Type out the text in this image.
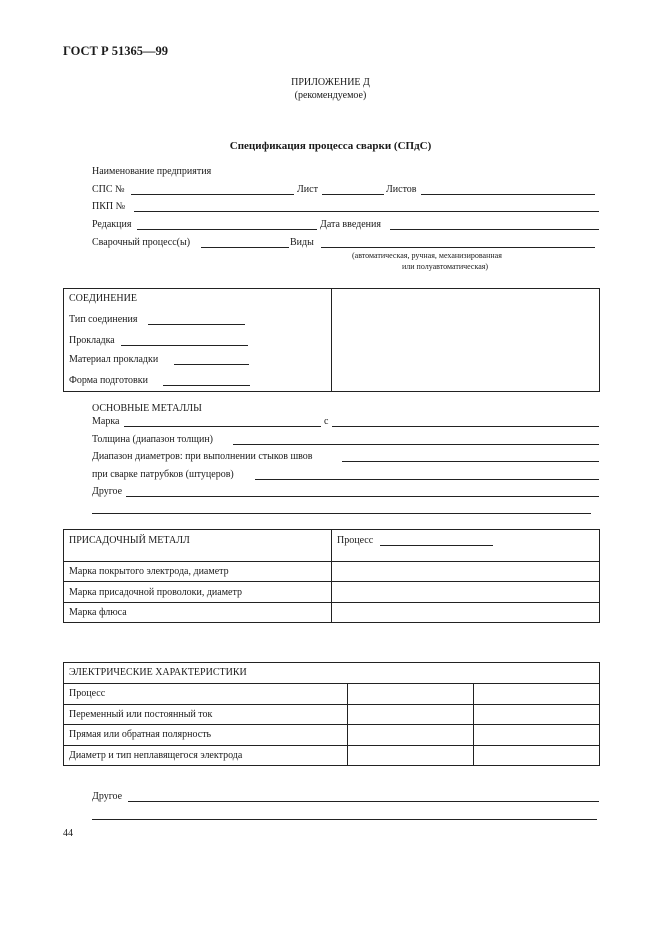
ГОСТ Р 51365—99
ПРИЛОЖЕНИЕ Д
(рекомендуемое)
Спецификация процесса сварки (СПдС)
Наименование предприятия
СПС №	Лист	Листов
ПКП №
Редакция	Дата введения
Сварочный процесс(ы)	Виды
(автоматическая, ручная, механизированная
или полуавтоматическая)
СОЕДИНЕНИЕ
Тип соединения
Прокладка
Материал прокладки
Форма подготовки
ОСНОВНЫЕ МЕТАЛЛЫ
Марка	с
Толщина (диапазон толщин)
Диапазон диаметров: при выполнении стыков швов
при сварке патрубков (штуцеров)
Другое
ПРИСАДОЧНЫЙ МЕТАЛЛ	Процесс
Марка покрытого электрода, диаметр
Марка присадочной проволоки, диаметр
Марка флюса
ЭЛЕКТРИЧЕСКИЕ ХАРАКТЕРИСТИКИ
Процесс
Переменный или постоянный ток
Прямая или обратная полярность
Диаметр и тип неплавящегося электрода
Другое
44
